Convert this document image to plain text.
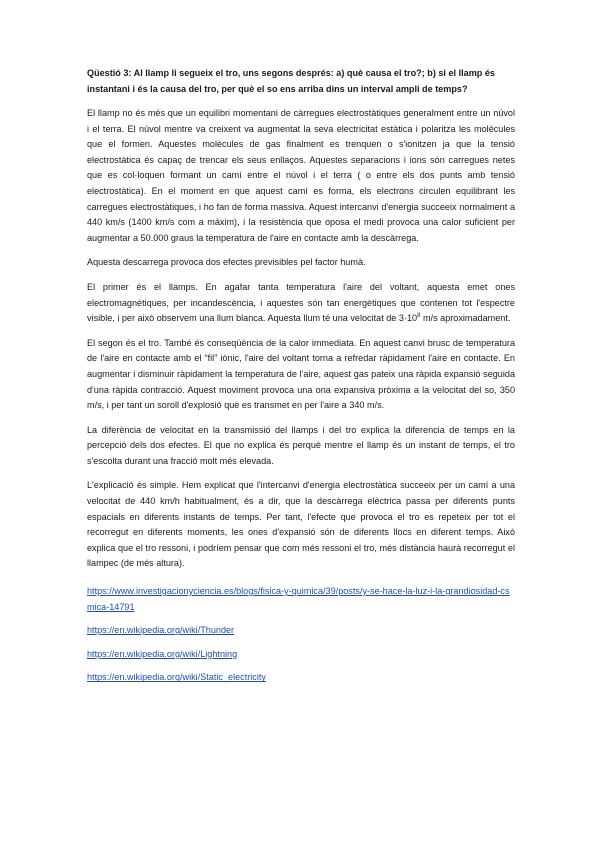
Qüestió 3: Al llamp li segueix el tro, uns segons després: a) què causa el tro?; b) si el llamp és instantani i és la causa del tro, per què el so ens arriba dins un interval ampli de temps?

El llamp no és més que un equilibri momentani de càrregues electrostàtiques generalment entre un núvol i el terra. El núvol mentre va creixent va augmentat la seva electricitat estàtica i polaritza les molècules que el formen. Aquestes molècules de gas finalment es trenquen o s'ionitzen ja que la tensió electrostàtica és capaç de trencar els seus enllaços. Aquestes separacions i ions són carregues netes que es col·loquen formant un camí entre el núvol i el terra ( o entre els dos punts amb tensió electrostàtica). En el moment en que aquest camí es forma, els electrons circulen equilibrant les carregues electrostàtiques, i ho fan de forma massiva. Aquest intercanvi d'energia succeeix normalment a 440 km/s (1400 km/s com a màxim), i la resistència que oposa el medi provoca una calor suficient per augmentar a 50.000 graus la temperatura de l'aire en contacte amb la descàrrega.

Aquesta descarrega provoca dos efectes previsibles pel factor humà.

El primer és el llamps. En agafar tanta temperatura l'aire del voltant, aquesta emet ones electromagnètiques, per incandescència, i aquestes són tan energètiques que contenen tot l'espectre visible, i per això observem una llum blanca. Aquesta llum té una velocitat de $3\cdot 10^8$ m/s aproximadament.

El segon és el tro. També és conseqüència de la calor immediata. En aquest canvi brusc de temperatura de l'aire en contacte amb el “fil” iònic, l'aire del voltant torna a refredar ràpidament l'aire en contacte. En augmentar i disminuir ràpidament la temperatura de l'aire, aquest gas pateix una ràpida expansió seguida d'una ràpida contracció. Aquest moviment provoca una ona expansiva pròxima a la velocitat del so, 350 m/s, i per tant un soroll d'explosió que es transmet en per l'aire a 340 m/s.

La diferència de velocitat en la transmissió del llamps i del tro explica la diferencia de temps en la percepció dels dos efectes. El que no explica és perquè mentre el llamp és un instant de temps, el tro s'escolta durant una fracció molt més elevada.

L'explicació és simple. Hem explicat que l'intercanvi d'energia electrostàtica succeeix per un camí a una velocitat de 440 km/h habitualment, és a dir, que la descàrrega elèctrica passa per diferents punts espacials en diferents instants de temps. Per tant, l'efecte que provoca el tro es repeteix per tot el recorregut en diferents moments, les ones d'expansió són de diferents llocs en diferent temps. Això explica que el tro ressoni, i podríem pensar que com més ressoni el tro, més distància haurà recorregut el llampec (de més altura).

https://www.investigacionyciencia.es/blogs/fisica-y-quimica/39/posts/y-se-hace-la-luz-i-la-grandiosidad-csmica-14791
https://en.wikipedia.org/wiki/Thunder
https://en.wikipedia.org/wiki/Lightning
https://en.wikipedia.org/wiki/Static_electricity
